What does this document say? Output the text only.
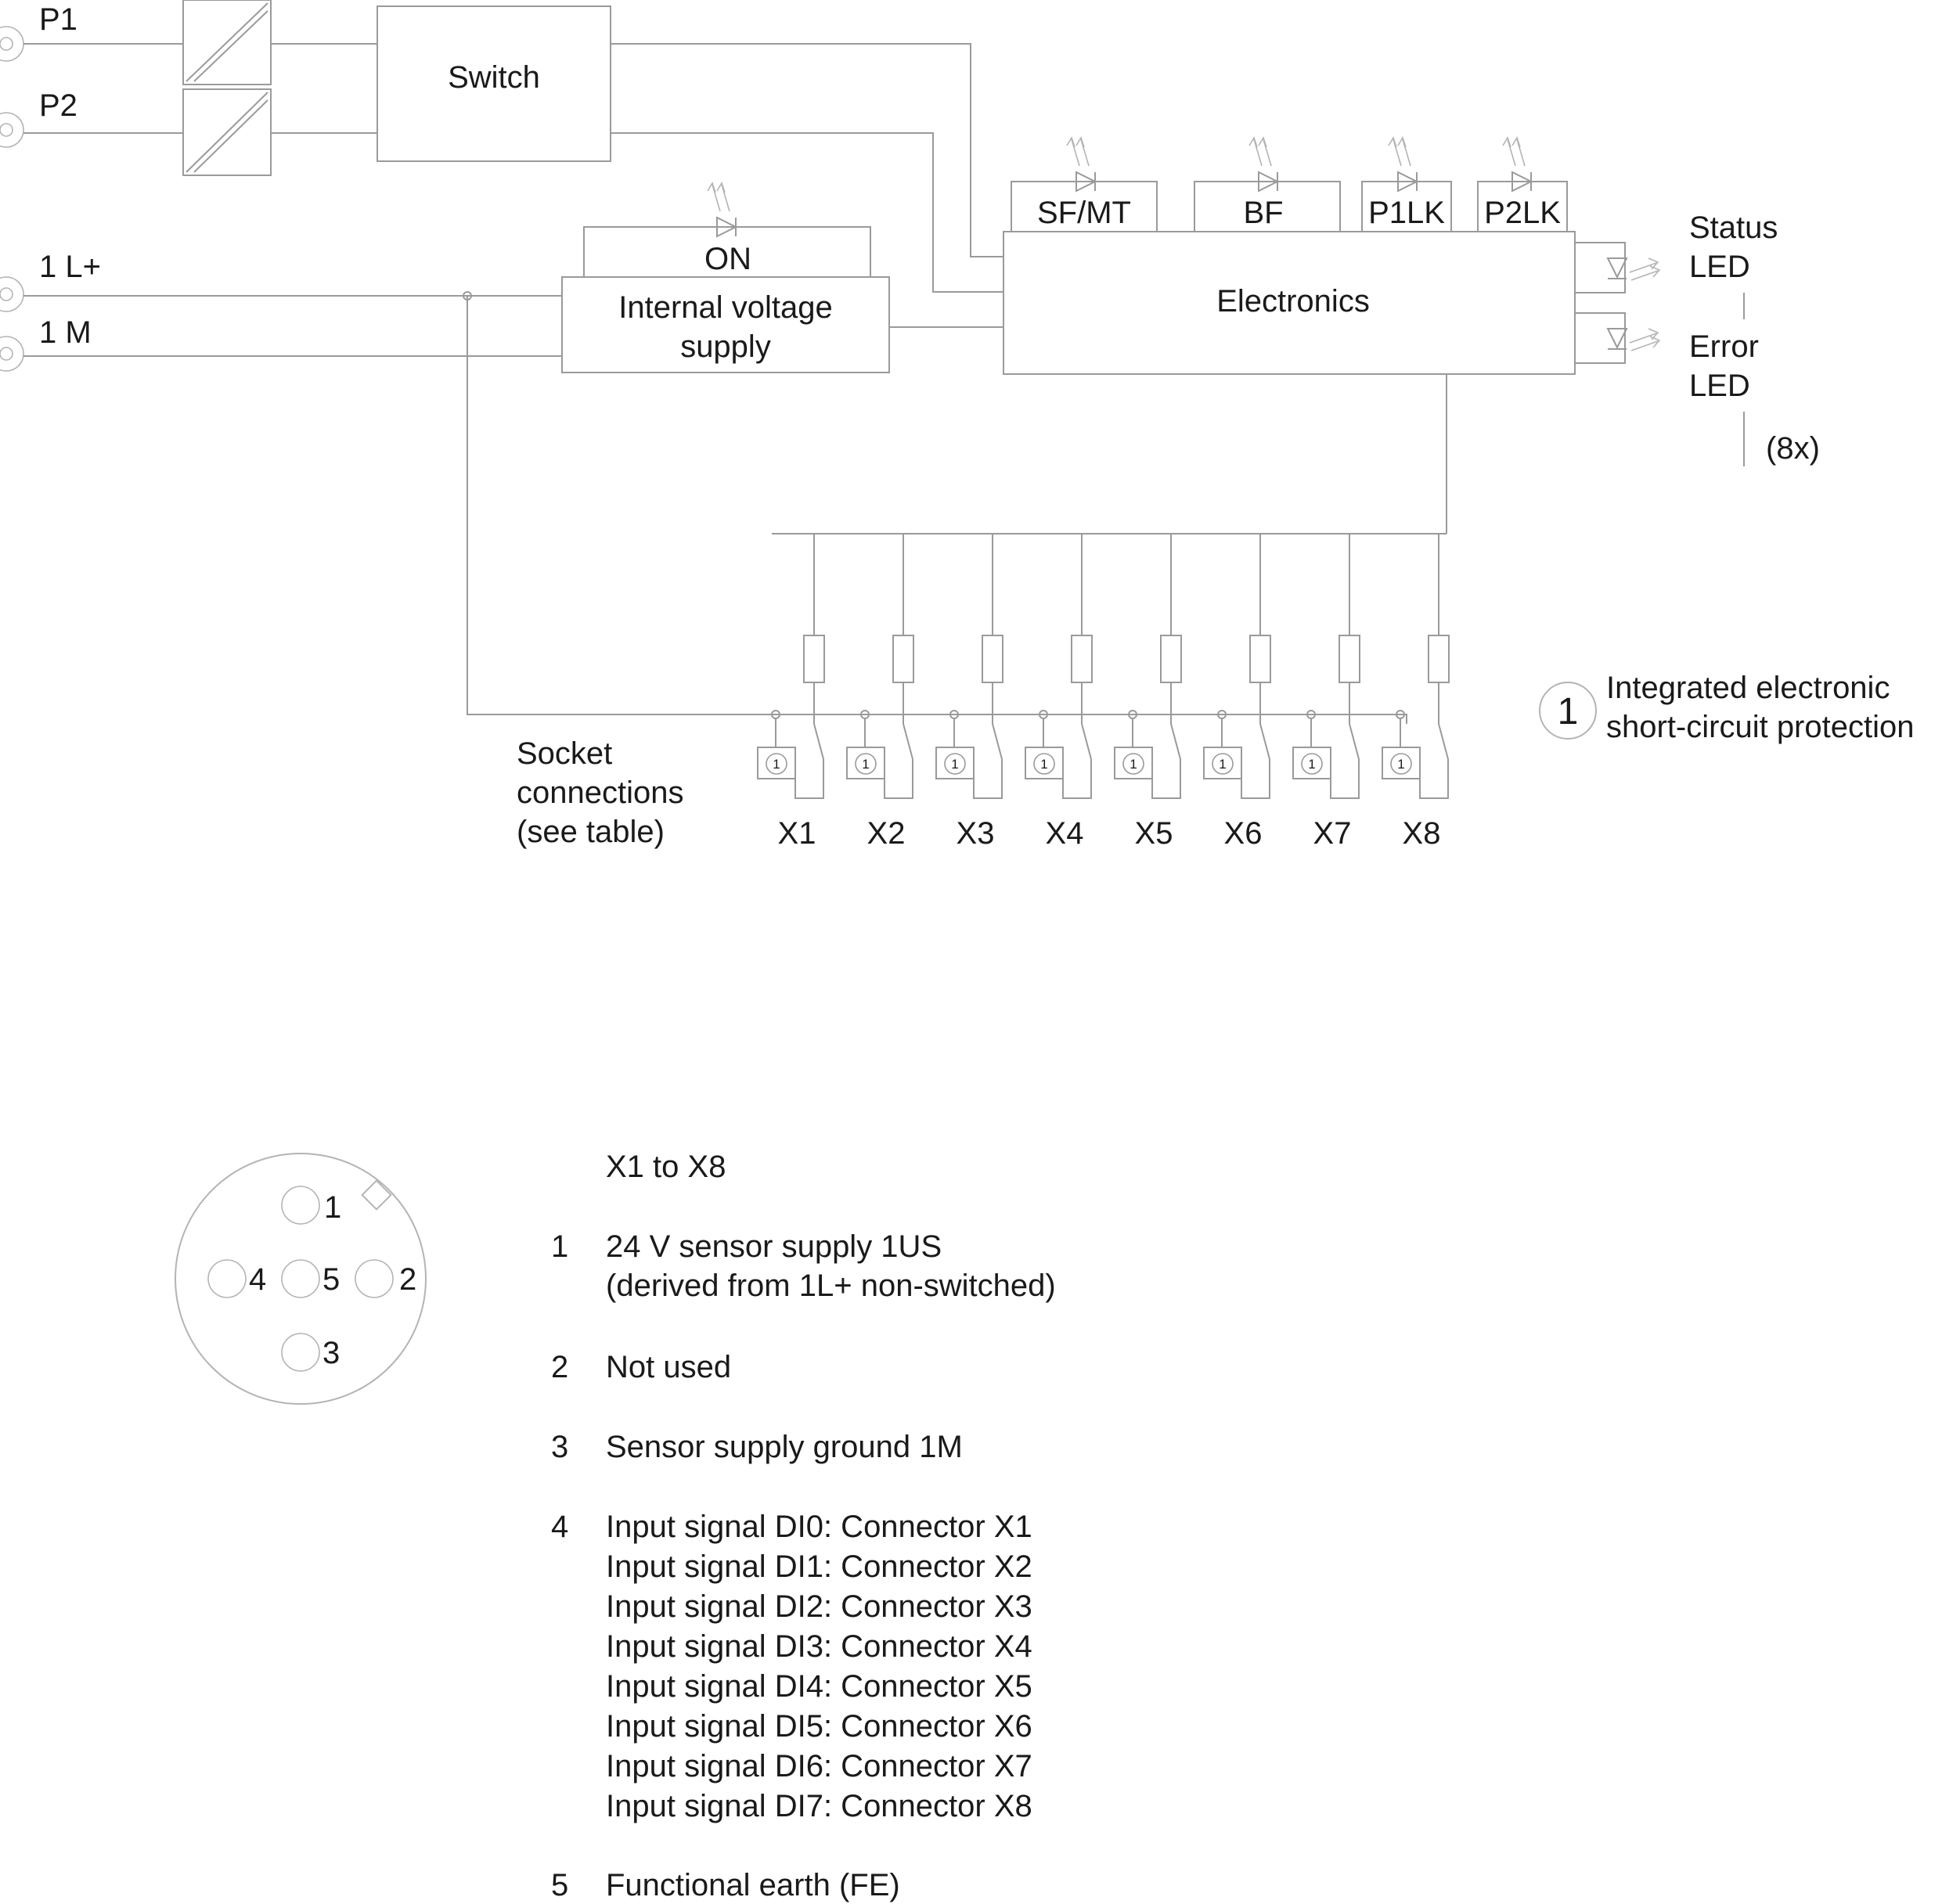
P1
P2
Switch
1 L+
1 M
ON
Internal voltage
supply
Electronics
SF/MT	BF	P1LK P2LK	Status
LED
Error
LED
(8x)
1
X1
1
X2
1
X3
1
X4
1
X5
1
X6
1
X7
1
X8
Socket
connections
(see table)
1
Integrated electronic
short-circuit protection
1
2
3
4 5
X1 to X8
1 24 V sensor supply 1US
(derived from 1L+ non-switched)
2 Not used
3 Sensor supply ground 1M
4 Input signal DI0: Connector X1
Input signal DI1: Connector X2
Input signal DI2: Connector X3
Input signal DI3: Connector X4
Input signal DI4: Connector X5
Input signal DI5: Connector X6
Input signal DI6: Connector X7
Input signal DI7: Connector X8
5 Functional earth (FE)
